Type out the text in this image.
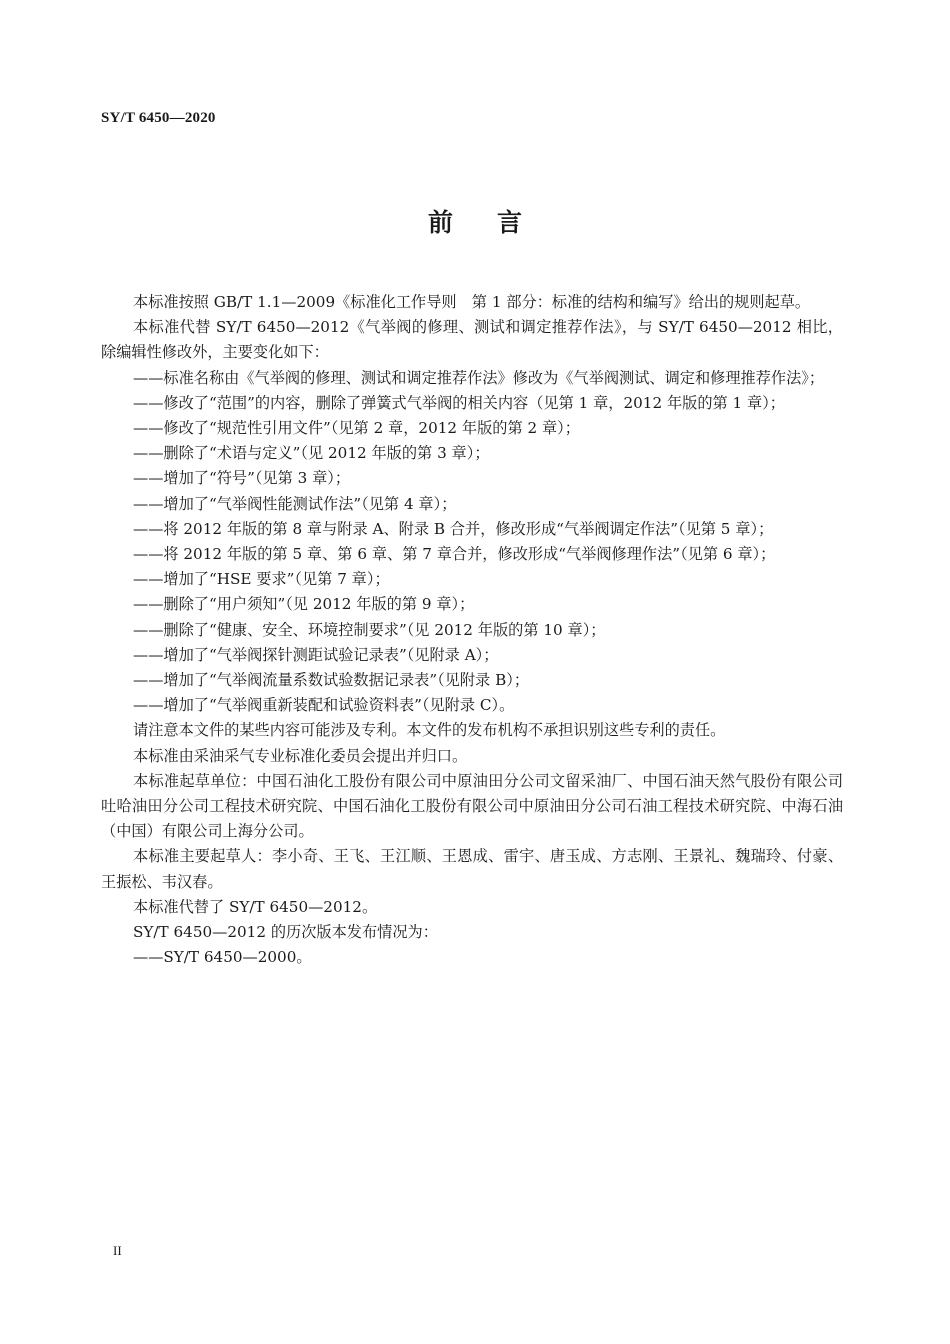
SY/T 6450—2020
前言

本标准按照 GB/T 1.1—2009《标准化工作导则　第 1 部分：标准的结构和编写》给出的规则起草。

本标准代替 SY/T 6450—2012《气举阀的修理、测试和调定推荐作法》，与 SY/T 6450—2012 相比，除编辑性修改外，主要变化如下：

——标准名称由《气举阀的修理、测试和调定推荐作法》修改为《气举阀测试、调定和修理推荐作法》；

——修改了“范围”的内容，删除了弹簧式气举阀的相关内容（见第 1 章，2012 年版的第 1 章）；

——修改了“规范性引用文件”（见第 2 章，2012 年版的第 2 章）；

——删除了“术语与定义”（见 2012 年版的第 3 章）；

——增加了“符号”（见第 3 章）；

——增加了“气举阀性能测试作法”（见第 4 章）；

——将 2012 年版的第 8 章与附录 A、附录 B 合并，修改形成“气举阀调定作法”（见第 5 章）；

——将 2012 年版的第 5 章、第 6 章、第 7 章合并，修改形成“气举阀修理作法”（见第 6 章）；

——增加了“HSE 要求”（见第 7 章）；

——删除了“用户须知”（见 2012 年版的第 9 章）；

——删除了“健康、安全、环境控制要求”（见 2012 年版的第 10 章）；

——增加了“气举阀探针测距试验记录表”（见附录 A）；

——增加了“气举阀流量系数试验数据记录表”（见附录 B）；

——增加了“气举阀重新装配和试验资料表”（见附录 C）。

请注意本文件的某些内容可能涉及专利。本文件的发布机构不承担识别这些专利的责任。

本标准由采油采气专业标准化委员会提出并归口。

本标准起草单位：中国石油化工股份有限公司中原油田分公司文留采油厂、中国石油天然气股份有限公司吐哈油田分公司工程技术研究院、中国石油化工股份有限公司中原油田分公司石油工程技术研究院、中海石油（中国）有限公司上海分公司。

本标准主要起草人：李小奇、王飞、王江顺、王恩成、雷宇、唐玉成、方志刚、王景礼、魏瑞玲、付豪、王振松、韦汉春。

本标准代替了 SY/T 6450—2012。

SY/T 6450—2012 的历次版本发布情况为：

——SY/T 6450—2000。

II
